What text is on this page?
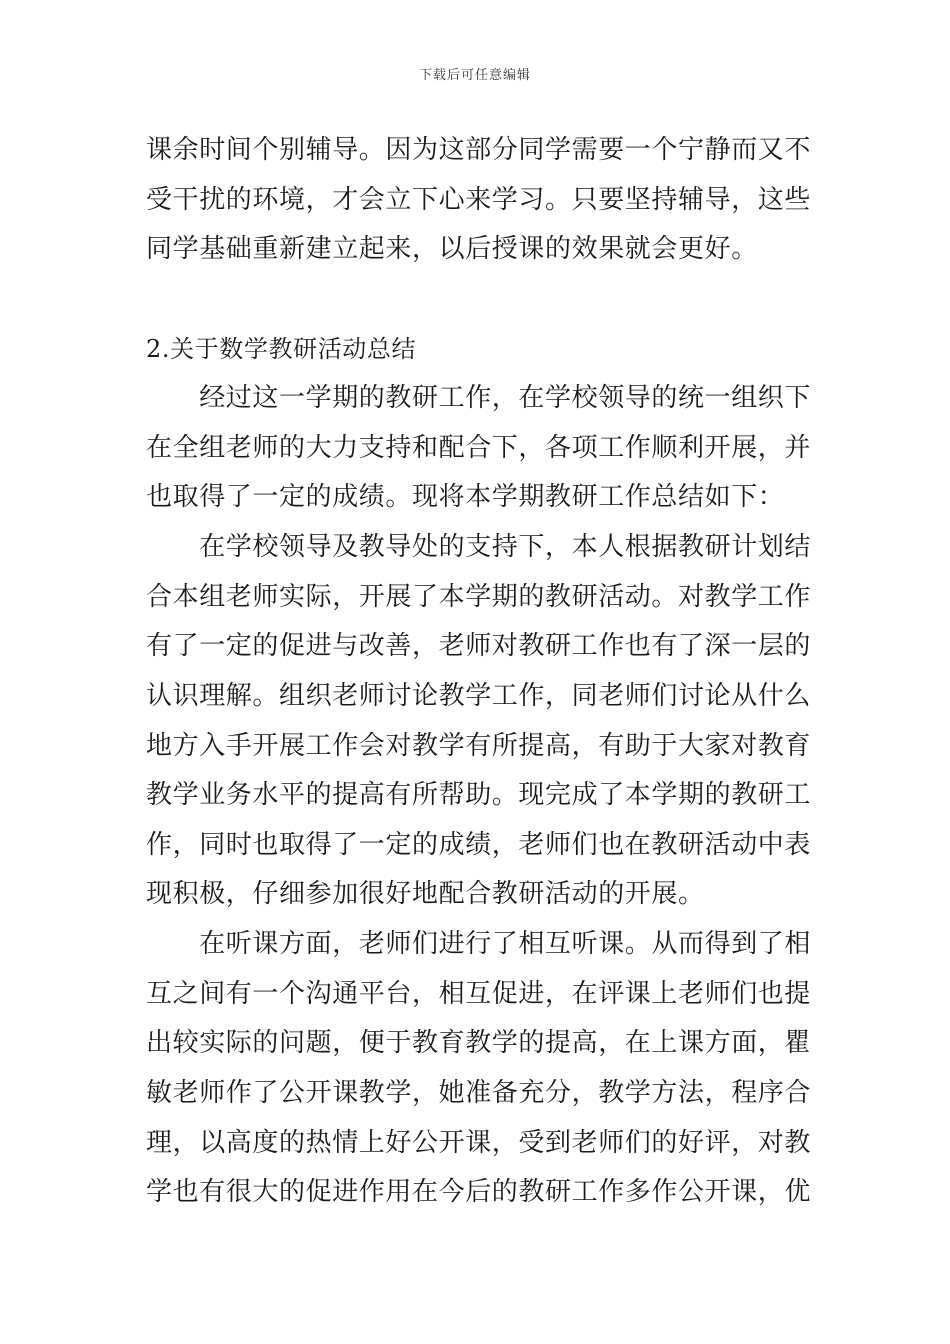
下载后可任意编辑
课余时间个别辅导。因为这部分同学需要一个宁静而又不
受干扰的环境，才会立下心来学习。只要坚持辅导，这些
同学基础重新建立起来，以后授课的效果就会更好。
2.关于数学教研活动总结
　　经过这一学期的教研工作，在学校领导的统一组织下
在全组老师的大力支持和配合下，各项工作顺利开展，并
也取得了一定的成绩。现将本学期教研工作总结如下：
　　在学校领导及教导处的支持下，本人根据教研计划结
合本组老师实际，开展了本学期的教研活动。对教学工作
有了一定的促进与改善，老师对教研工作也有了深一层的
认识理解。组织老师讨论教学工作，同老师们讨论从什么
地方入手开展工作会对教学有所提高，有助于大家对教育
教学业务水平的提高有所帮助。现完成了本学期的教研工
作，同时也取得了一定的成绩，老师们也在教研活动中表
现积极，仔细参加很好地配合教研活动的开展。
　　在听课方面，老师们进行了相互听课。从而得到了相
互之间有一个沟通平台，相互促进，在评课上老师们也提
出较实际的问题，便于教育教学的提高，在上课方面，瞿
敏老师作了公开课教学，她准备充分，教学方法，程序合
理，以高度的热情上好公开课，受到老师们的好评，对教
学也有很大的促进作用在今后的教研工作多作公开课，优
